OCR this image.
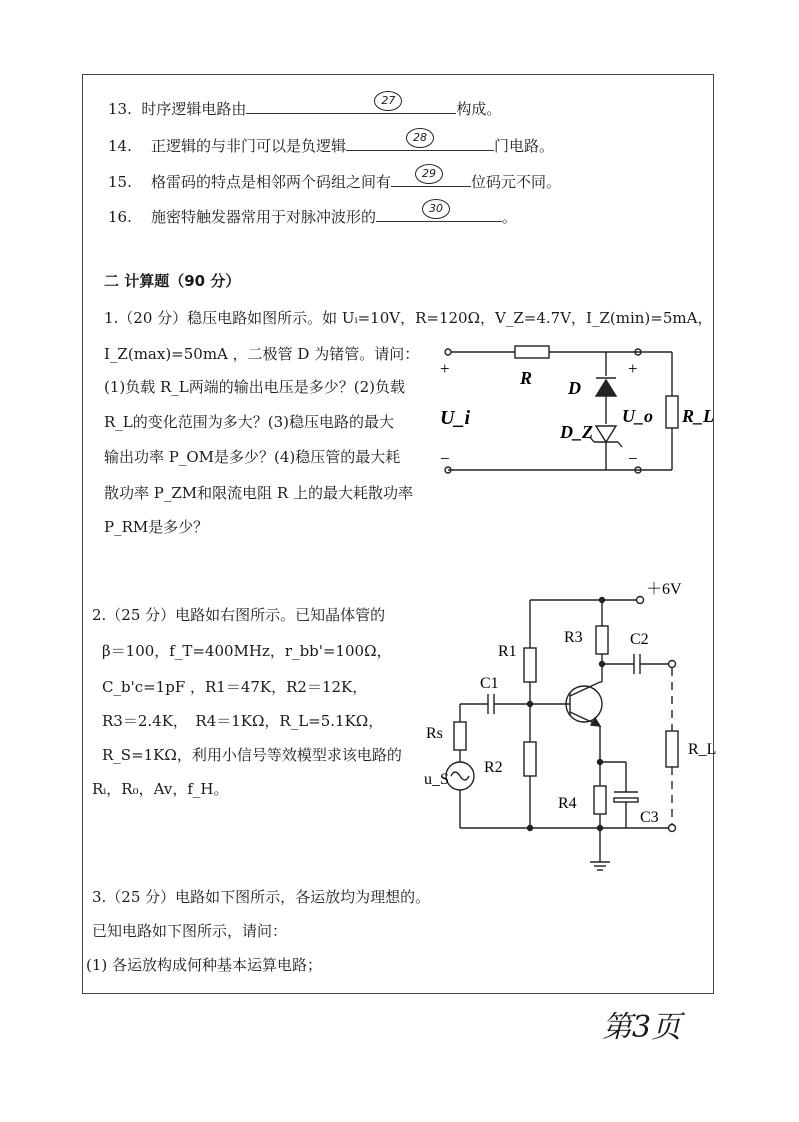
13. 时序逻辑电路由	27	构成。
14. 正逻辑的与非门可以是负逻辑	28	门电路。
15. 格雷码的特点是相邻两个码组之间有	29	位码元不同。
16. 施密特触发器常用于对脉冲波形的	30	。
二 计算题（90 分）
1.（20 分）稳压电路如图所示。如 Uᵢ=10V，R=120Ω，V_Z=4.7V，I_Z(min)=5mA，
I_Z(max)=50mA ，二极管 D 为锗管。请问：
(1)负载 R_L两端的输出电压是多少？(2)负载
R_L的变化范围为多大？(3)稳压电路的最大
输出功率 P_OM是多少？(4)稳压管的最大耗
散功率 P_ZM和限流电阻 R 上的最大耗散功率
P_RM是多少？
+
−
+
−
R D
D_Z
U_i	U_o R_L
2.（25 分）电路如右图所示。已知晶体管的
β＝100，f_T=400MHz，r_bb'=100Ω，
C_b'c=1pF ，R1＝47K，R2＝12K，
R3＝2.4K，　R4＝1KΩ，R_L=5.1KΩ，
R_S=1KΩ，利用小信号等效模型求该电路的
Rᵢ，R₀，Av，f_H。
＋6V
R1
R2
R3
R4
C1
C2
C3
Rs
u_S
R_L
3.（25 分）电路如下图所示，各运放均为理想的。
已知电路如下图所示，请问：
(1) 各运放构成何种基本运算电路；
第3页
